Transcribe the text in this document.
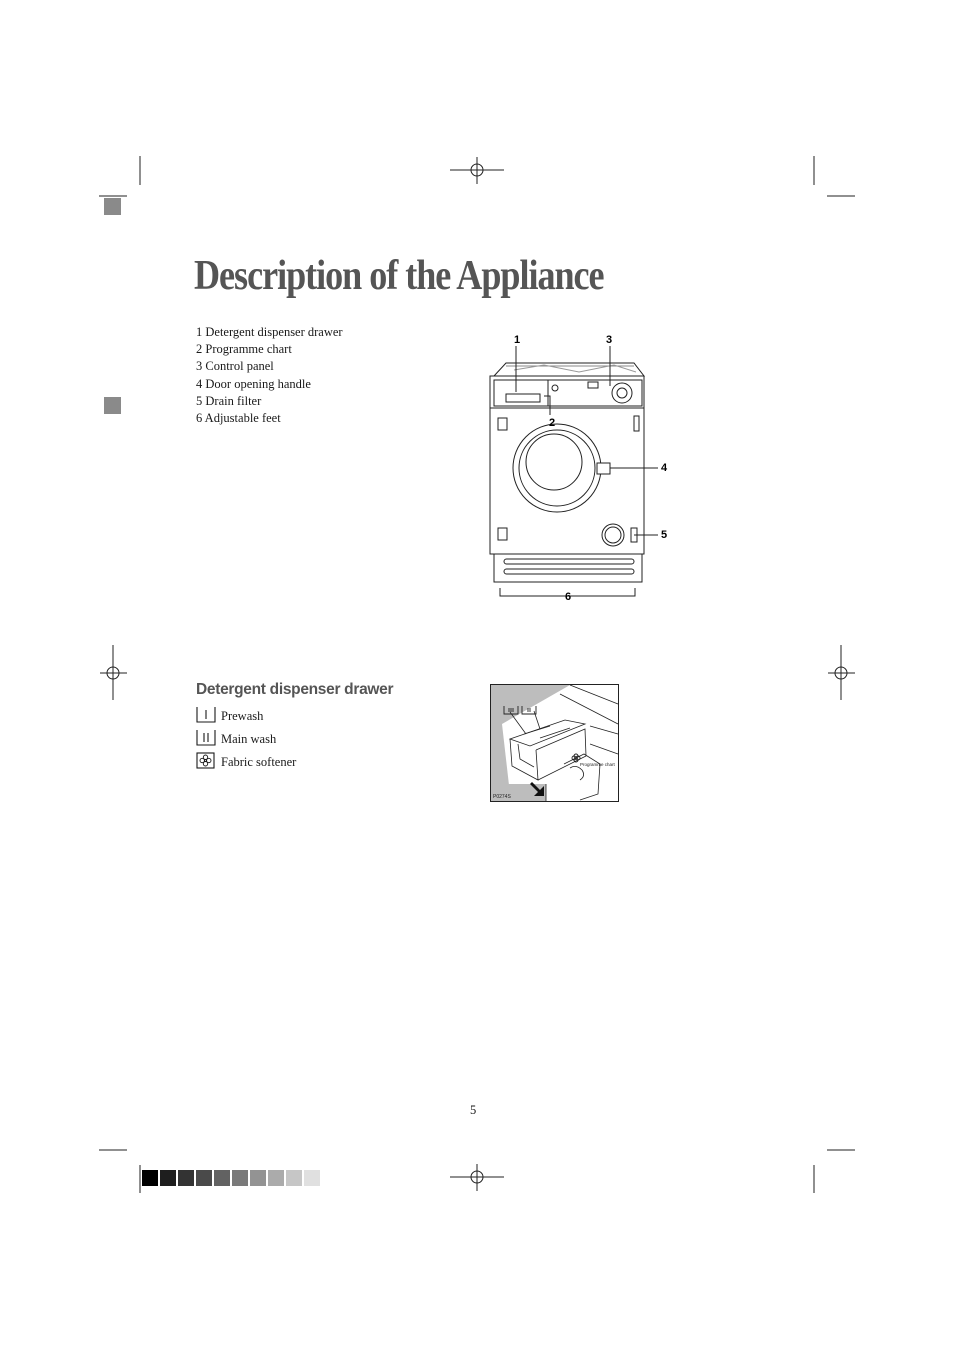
Description of the Appliance
1 Detergent dispenser drawer
2 Programme chart
3 Control panel
4 Door opening handle
5 Drain filter
6 Adjustable feet
1	3
2
4
5
6
Detergent dispenser drawer
Prewash
Main wash
Fabric softener	Programme chart
P0274S
5
